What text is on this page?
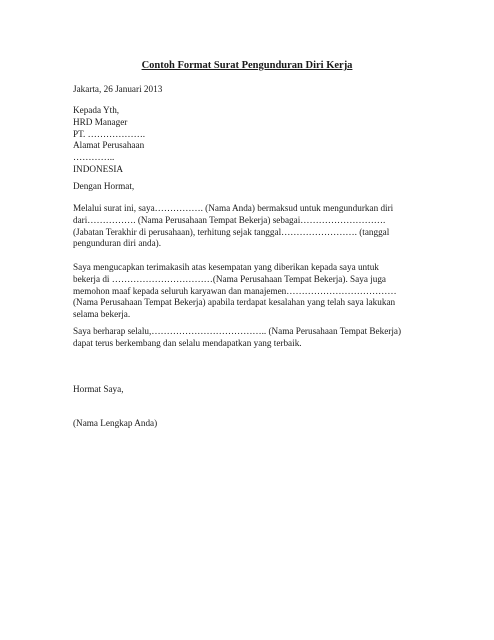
Contoh Format Surat Pengunduran Diri Kerja
Jakarta, 26 Januari 2013
Kepada Yth,
HRD Manager
PT. ……………….
Alamat Perusahaan
…………..
INDONESIA
Dengan Hormat,
Melalui surat ini, saya……………. (Nama Anda) bermaksud untuk mengundurkan diri
dari……………. (Nama Perusahaan Tempat Bekerja) sebagai……………………….
(Jabatan Terakhir di perusahaan), terhitung sejak tanggal……………………. (tanggal
pengunduran diri anda).
Saya mengucapkan terimakasih atas kesempatan yang diberikan kepada saya untuk
bekerja di ……………………………(Nama Perusahaan Tempat Bekerja). Saya juga
memohon maaf kepada seluruh karyawan dan manajemen………………………………
(Nama Perusahaan Tempat Bekerja) apabila terdapat kesalahan yang telah saya lakukan
selama bekerja.
Saya berharap selalu,……………………………….. (Nama Perusahaan Tempat Bekerja)
dapat terus berkembang dan selalu mendapatkan yang terbaik.
Hormat Saya,
(Nama Lengkap Anda)
